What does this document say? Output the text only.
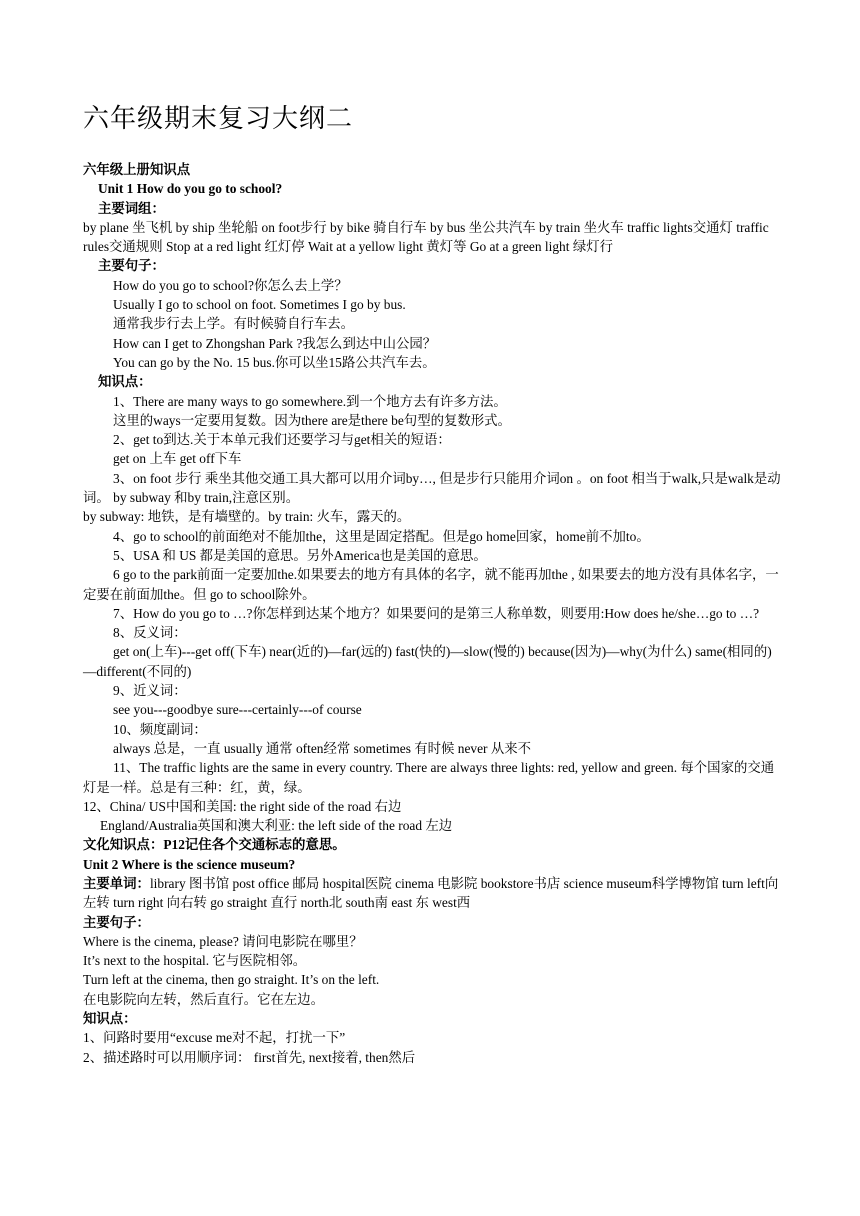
六年级期末复习大纲二
六年级上册知识点
Unit 1 How do you go to school?
主要词组：
by plane 坐飞机 by ship 坐轮船 on foot步行 by bike 骑自行车 by bus 坐公共汽车 by train 坐火车 traffic lights交通灯 traffic rules交通规则 Stop at a red light 红灯停 Wait at a yellow light 黄灯等 Go at a green light 绿灯行
主要句子：
How do you go to school?你怎么去上学？
Usually I go to school on foot. Sometimes I go by bus.
通常我步行去上学。有时候骑自行车去。
How can I get to Zhongshan Park ?我怎么到达中山公园？
You can go by the No. 15 bus.你可以坐15路公共汽车去。
知识点：
1、There are many ways to go somewhere.到一个地方去有许多方法。
这里的ways一定要用复数。因为there are是there be句型的复数形式。
2、get to到达.关于本单元我们还要学习与get相关的短语：
get on 上车 get off下车
3、on foot 步行 乘坐其他交通工具大都可以用介词by…, 但是步行只能用介词on 。on foot 相当于walk,只是walk是动词。 by subway 和by train,注意区别。
by subway: 地铁，是有墙壁的。by train: 火车，露天的。
4、go to school的前面绝对不能加the，这里是固定搭配。但是go home回家，home前不加to。
5、USA 和 US 都是美国的意思。另外America也是美国的意思。
6 go to the park前面一定要加the.如果要去的地方有具体的名字，就不能再加the , 如果要去的地方没有具体名字，一定要在前面加the。但 go to school除外。
7、How do you go to …?你怎样到达某个地方？如果要问的是第三人称单数，则要用:How does he/she…go to …?
8、反义词：
get on(上车)---get off(下车) near(近的)—far(远的) fast(快的)—slow(慢的) because(因为)—why(为什么) same(相同的)—different(不同的)
9、近义词：
see you---goodbye sure---certainly---of course
10、频度副词：
always 总是，一直 usually 通常 often经常 sometimes 有时候 never 从来不
11、The traffic lights are the same in every country. There are always three lights: red, yellow and green. 每个国家的交通灯是一样。总是有三种：红，黄，绿。
12、China/ US中国和美国: the right side of the road 右边
England/Australia英国和澳大利亚: the left side of the road 左边
文化知识点：P12记住各个交通标志的意思。
Unit 2 Where is the science museum?
主要单词：library 图书馆 post office 邮局 hospital医院 cinema 电影院 bookstore书店 science museum科学博物馆 turn left向左转 turn right 向右转 go straight 直行 north北 south南 east 东 west西
主要句子：
Where is the cinema, please? 请问电影院在哪里？
It’s next to the hospital. 它与医院相邻。
Turn left at the cinema, then go straight. It’s on the left.
在电影院向左转，然后直行。它在左边。
知识点：
1、问路时要用“excuse me对不起，打扰一下”
2、描述路时可以用顺序词： first首先, next接着, then然后
